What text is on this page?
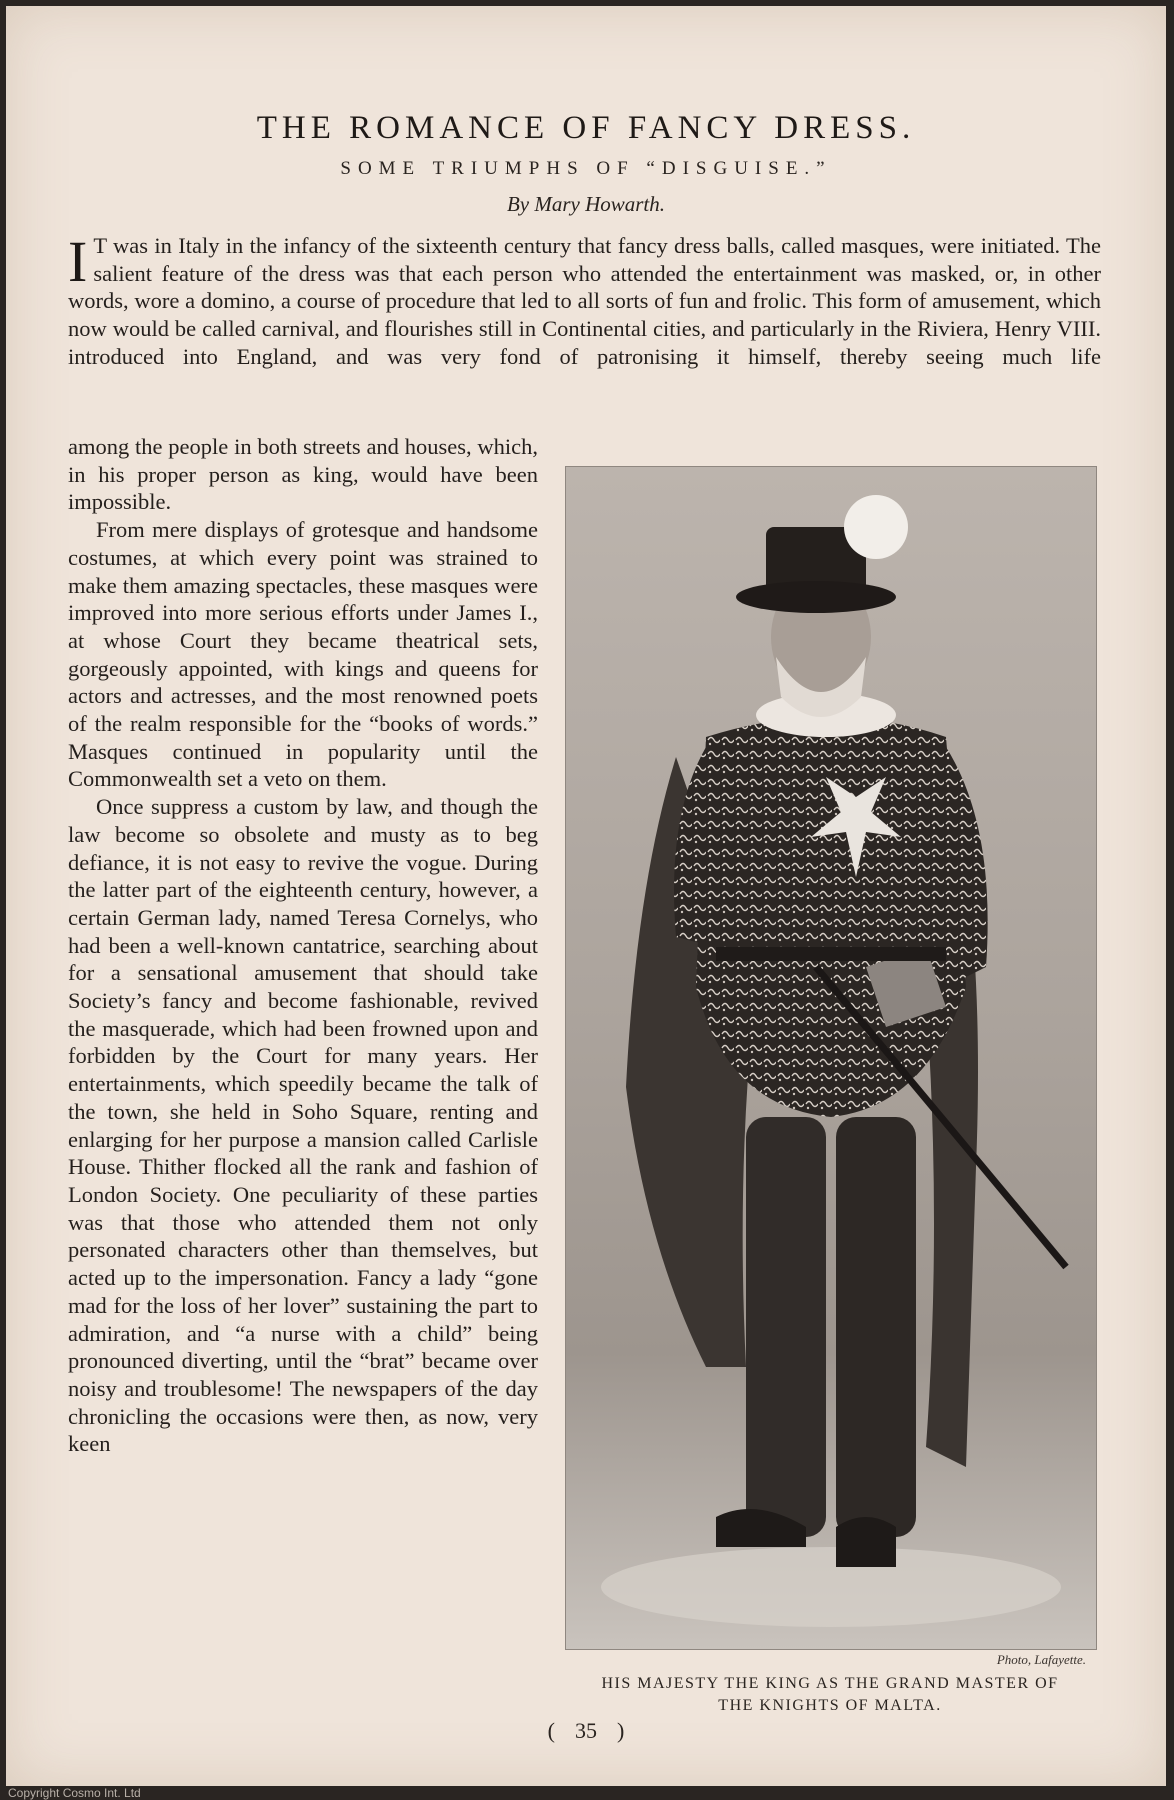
THE ROMANCE OF FANCY DRESS.
SOME TRIUMPHS OF “DISGUISE.”
By Mary Howarth.
I T was in Italy in the infancy of the sixteenth century that fancy dress balls, called masques, were initiated. The salient feature of the dress was that each person who attended the entertainment was masked, or, in other words, wore a domino, a course of procedure that led to all sorts of fun and frolic. This form of amusement, which now would be called carnival, and flourishes still in Continental cities, and particularly in the Riviera, Henry VIII. introduced into England, and was very fond of patronising it himself, thereby seeing much life

among the people in both streets and houses, which, in his proper person as king, would have been impossible.

From mere displays of grotesque and handsome costumes, at which every point was strained to make them amazing spectacles, these masques were improved into more serious efforts under James I., at whose Court they became theatrical sets, gorgeously appointed, with kings and queens for actors and actresses, and the most renowned poets of the realm responsible for the “books of words.” Masques continued in popularity until the Commonwealth set a veto on them.

Once suppress a custom by law, and though the law become so obsolete and musty as to beg defiance, it is not easy to revive the vogue. During the latter part of the eighteenth century, however, a certain German lady, named Teresa Cornelys, who had been a well-known cantatrice, searching about for a sensational amusement that should take Society’s fancy and become fashionable, revived the masquerade, which had been frowned upon and forbidden by the Court for many years. Her entertainments, which speedily became the talk of the town, she held in Soho Square, renting and enlarging for her purpose a mansion called Carlisle House. Thither flocked all the rank and fashion of London Society. One peculiarity of these parties was that those who attended them not only personated characters other than themselves, but acted up to the impersonation. Fancy a lady “gone mad for the loss of her lover” sustaining the part to admiration, and “a nurse with a child” being pronounced diverting, until the “brat” became over noisy and troublesome! The newspapers of the day chronicling the occasions were then, as now, very keen

Photo, Lafayette.
HIS MAJESTY THE KING AS THE GRAND MASTER OF
THE KNIGHTS OF MALTA.
( 35 )
Copyright Cosmo Int. Ltd
